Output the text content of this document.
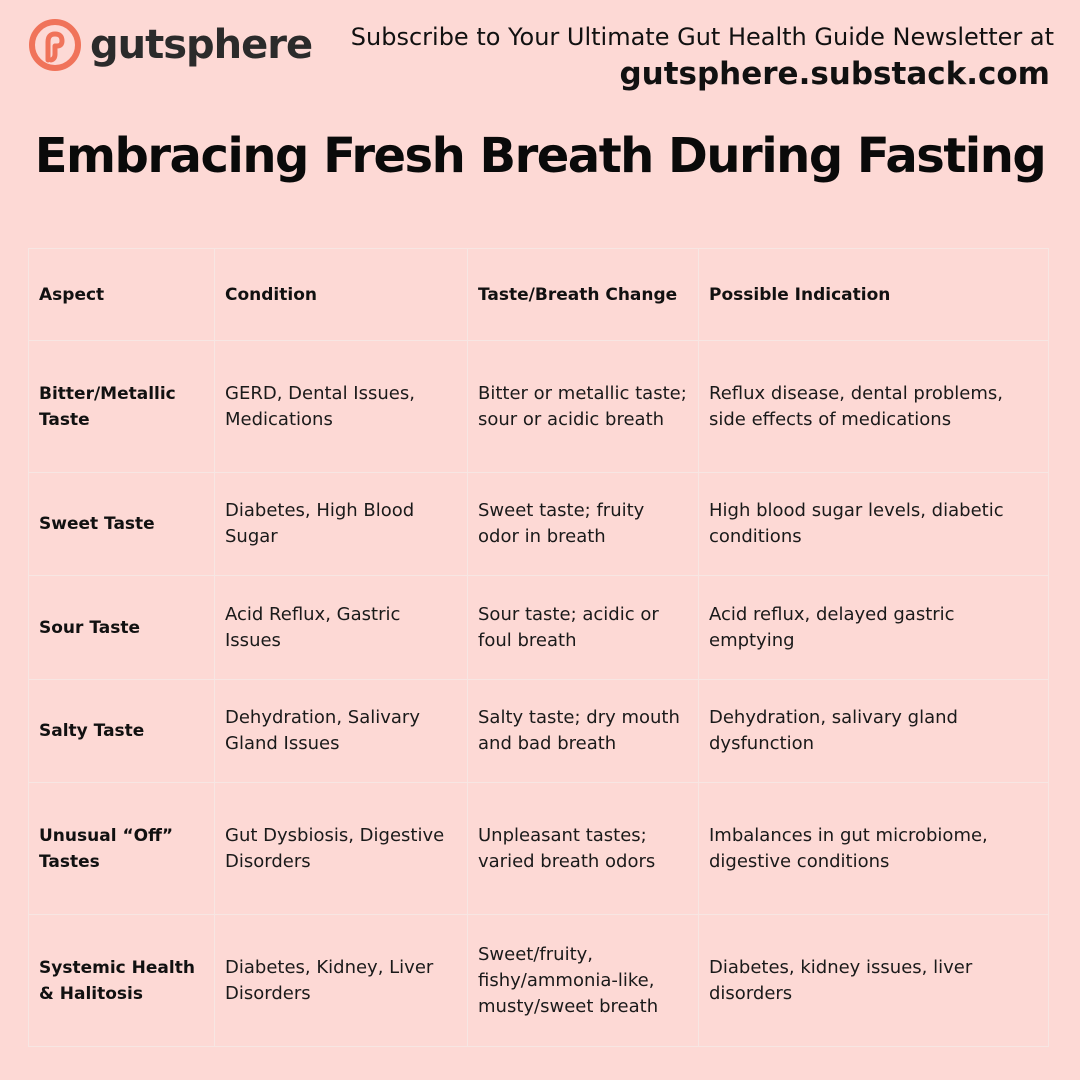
gutsphere Subscribe to Your Ultimate Gut Health Guide Newsletter at
gutsphere.substack.com
Embracing Fresh Breath During Fasting
Aspect	Condition	Taste/Breath Change	Possible Indication
Bitter/Metallic Taste	GERD, Dental Issues, Medications	Bitter or metallic taste; sour or acidic breath	Reflux disease, dental problems, side effects of medications
Sweet Taste	Diabetes, High Blood Sugar	Sweet taste; fruity odor in breath	High blood sugar levels, diabetic conditions
Sour Taste	Acid Reflux, Gastric Issues	Sour taste; acidic or foul breath	Acid reflux, delayed gastric emptying
Salty Taste	Dehydration, Salivary Gland Issues	Salty taste; dry mouth and bad breath	Dehydration, salivary gland dysfunction
Unusual “Off” Tastes	Gut Dysbiosis, Digestive Disorders	Unpleasant tastes; varied breath odors	Imbalances in gut microbiome, digestive conditions
Systemic Health & Halitosis	Diabetes, Kidney, Liver Disorders	Sweet/fruity, fishy/ammonia-like, musty/sweet breath	Diabetes, kidney issues, liver disorders
